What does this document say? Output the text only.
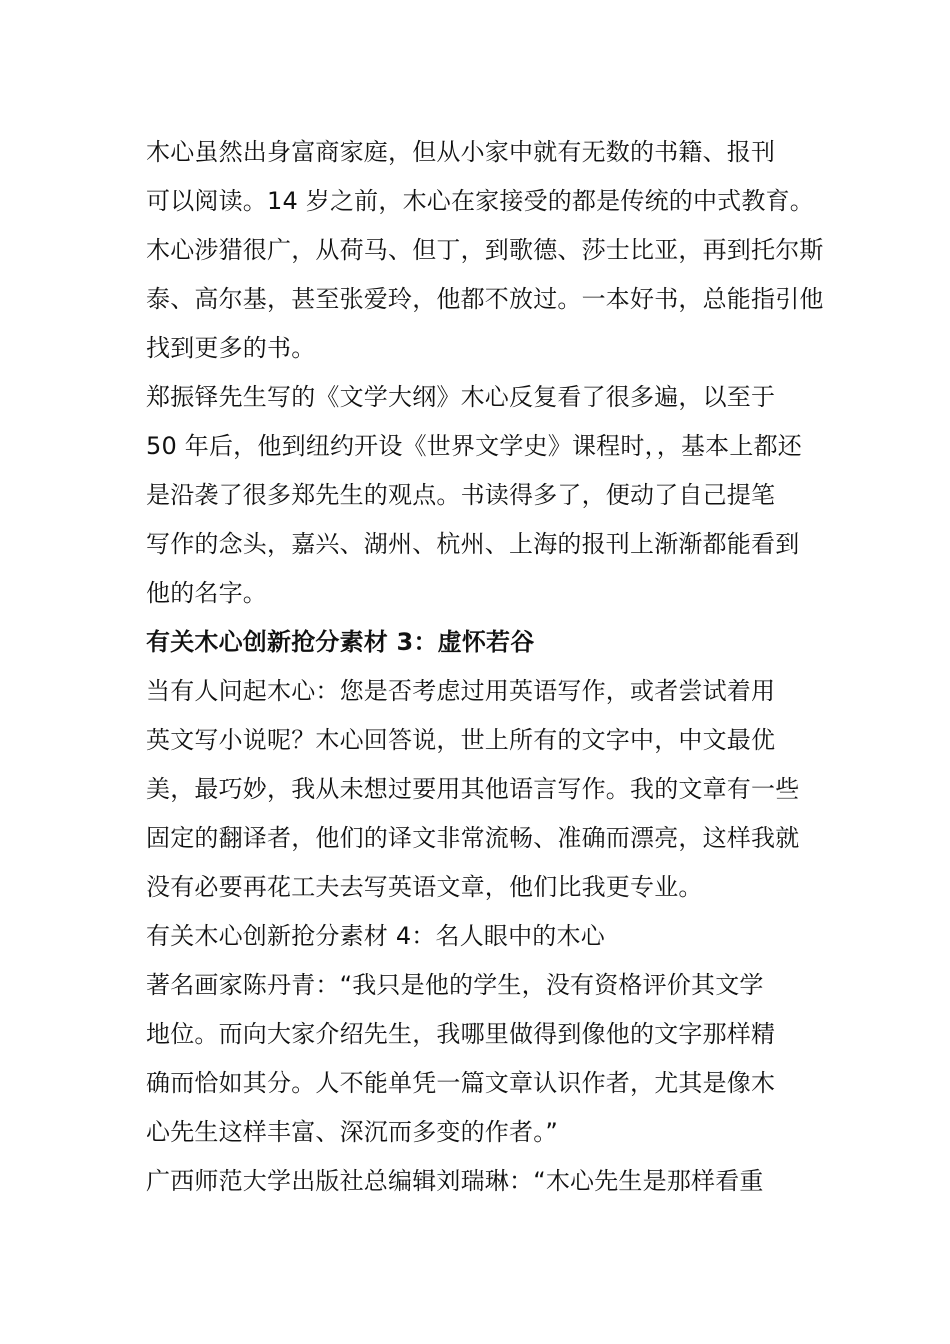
木心虽然出身富商家庭，但从小家中就有无数的书籍、报刊
可以阅读。14 岁之前，木心在家接受的都是传统的中式教育。
木心涉猎很广，从荷马、但丁，到歌德、莎士比亚，再到托尔斯
泰、高尔基，甚至张爱玲，他都不放过。一本好书，总能指引他
找到更多的书。
郑振铎先生写的《文学大纲》木心反复看了很多遍，以至于
50 年后，他到纽约开设《世界文学史》课程时，，基本上都还
是沿袭了很多郑先生的观点。书读得多了，便动了自己提笔
写作的念头，嘉兴、湖州、杭州、上海的报刊上渐渐都能看到
他的名字。
有关木心创新抢分素材 3：虚怀若谷
当有人问起木心：您是否考虑过用英语写作，或者尝试着用
英文写小说呢？木心回答说，世上所有的文字中，中文最优
美，最巧妙，我从未想过要用其他语言写作。我的文章有一些
固定的翻译者，他们的译文非常流畅、准确而漂亮，这样我就
没有必要再花工夫去写英语文章，他们比我更专业。
有关木心创新抢分素材 4：名人眼中的木心
著名画家陈丹青：“我只是他的学生，没有资格评价其文学
地位。而向大家介绍先生，我哪里做得到像他的文字那样精
确而恰如其分。人不能单凭一篇文章认识作者，尤其是像木
心先生这样丰富、深沉而多变的作者。”
广西师范大学出版社总编辑刘瑞琳：“木心先生是那样看重
